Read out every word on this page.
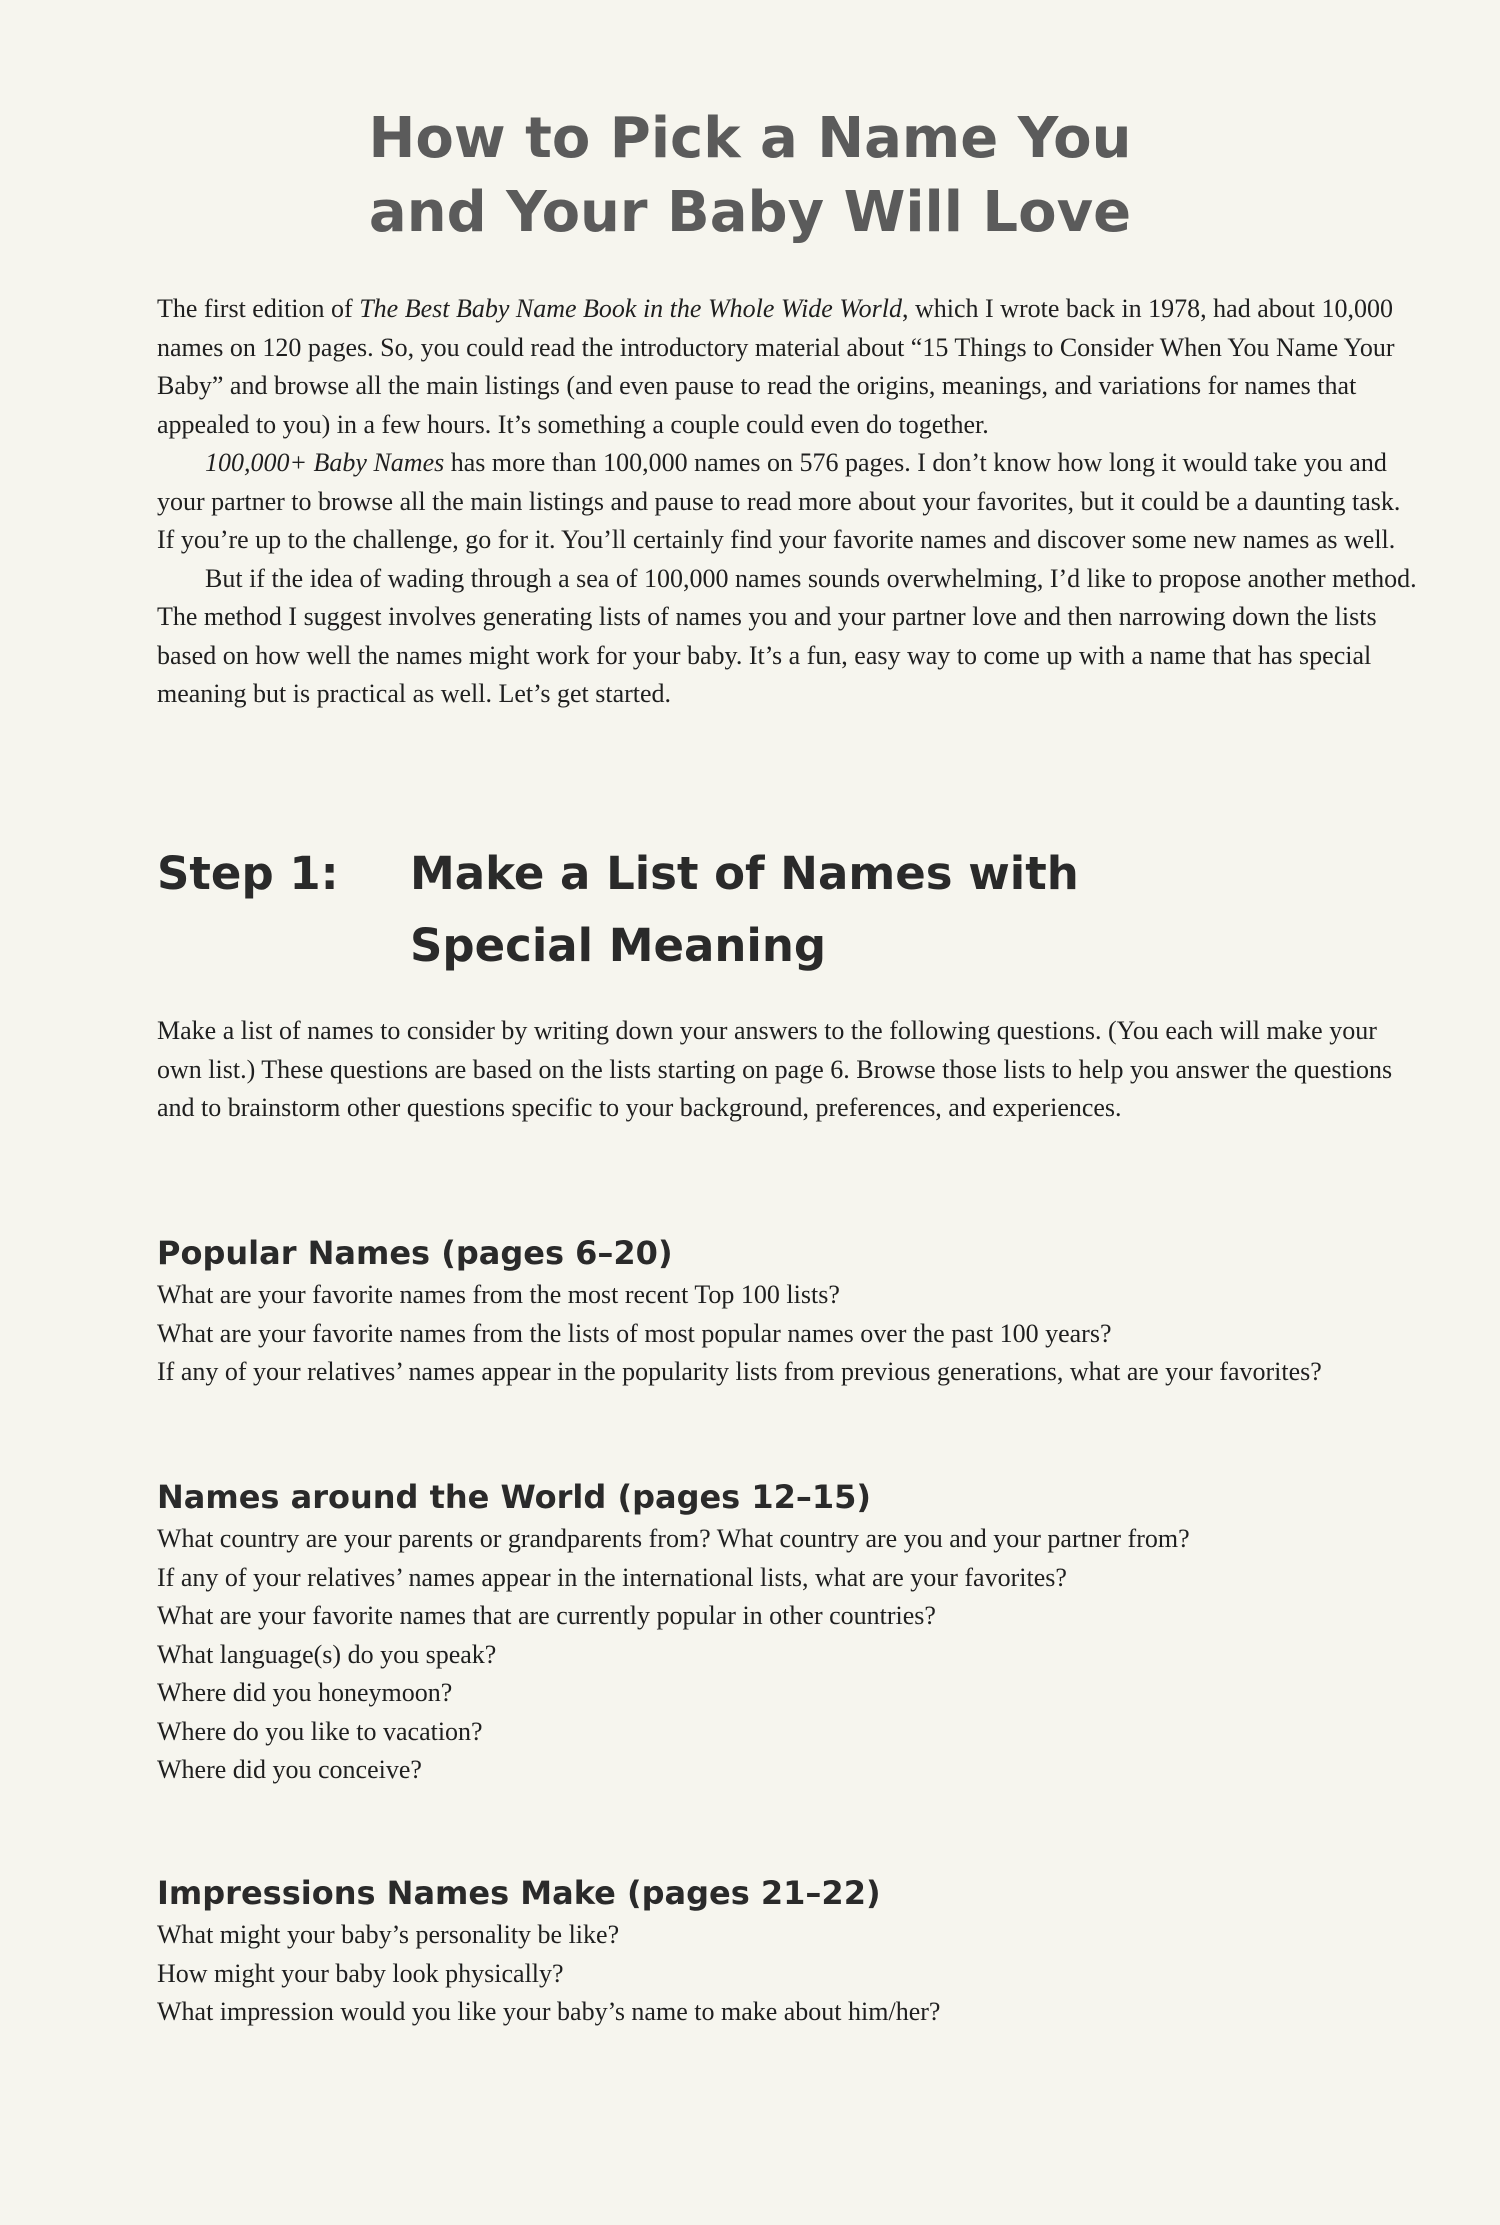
How to Pick a Name You
and Your Baby Will Love

The first edition of The Best Baby Name Book in the Whole Wide World, which I wrote back in 1978, had about 10,000 names on 120 pages. So, you could read the introductory material about “15 Things to Consider When You Name Your Baby” and browse all the main listings (and even pause to read the origins, meanings, and variations for names that appealed to you) in a few hours. It’s something a couple could even do together.

100,000+ Baby Names has more than 100,000 names on 576 pages. I don’t know how long it would take you and your partner to browse all the main listings and pause to read more about your favorites, but it could be a daunting task. If you’re up to the challenge, go for it. You’ll certainly find your favorite names and discover some new names as well.

But if the idea of wading through a sea of 100,000 names sounds overwhelming, I’d like to propose another method. The method I suggest involves generating lists of names you and your partner love and then narrowing down the lists based on how well the names might work for your baby. It’s a fun, easy way to come up with a name that has special meaning but is practical as well. Let’s get started.

Step 1: Make a List of Names with
Special Meaning

Make a list of names to consider by writing down your answers to the following questions. (You each will make your own list.) These questions are based on the lists starting on page 6. Browse those lists to help you answer the questions and to brainstorm other questions specific to your background, preferences, and experiences.

Popular Names (pages 6–20)
What are your favorite names from the most recent Top 100 lists?
What are your favorite names from the lists of most popular names over the past 100 years?
If any of your relatives’ names appear in the popularity lists from previous generations, what are your favorites?
Names around the World (pages 12–15)
What country are your parents or grandparents from? What country are you and your partner from?
If any of your relatives’ names appear in the international lists, what are your favorites?
What are your favorite names that are currently popular in other countries?
What language(s) do you speak?
Where did you honeymoon?
Where do you like to vacation?
Where did you conceive?
Impressions Names Make (pages 21–22)
What might your baby’s personality be like?
How might your baby look physically?
What impression would you like your baby’s name to make about him/her?
